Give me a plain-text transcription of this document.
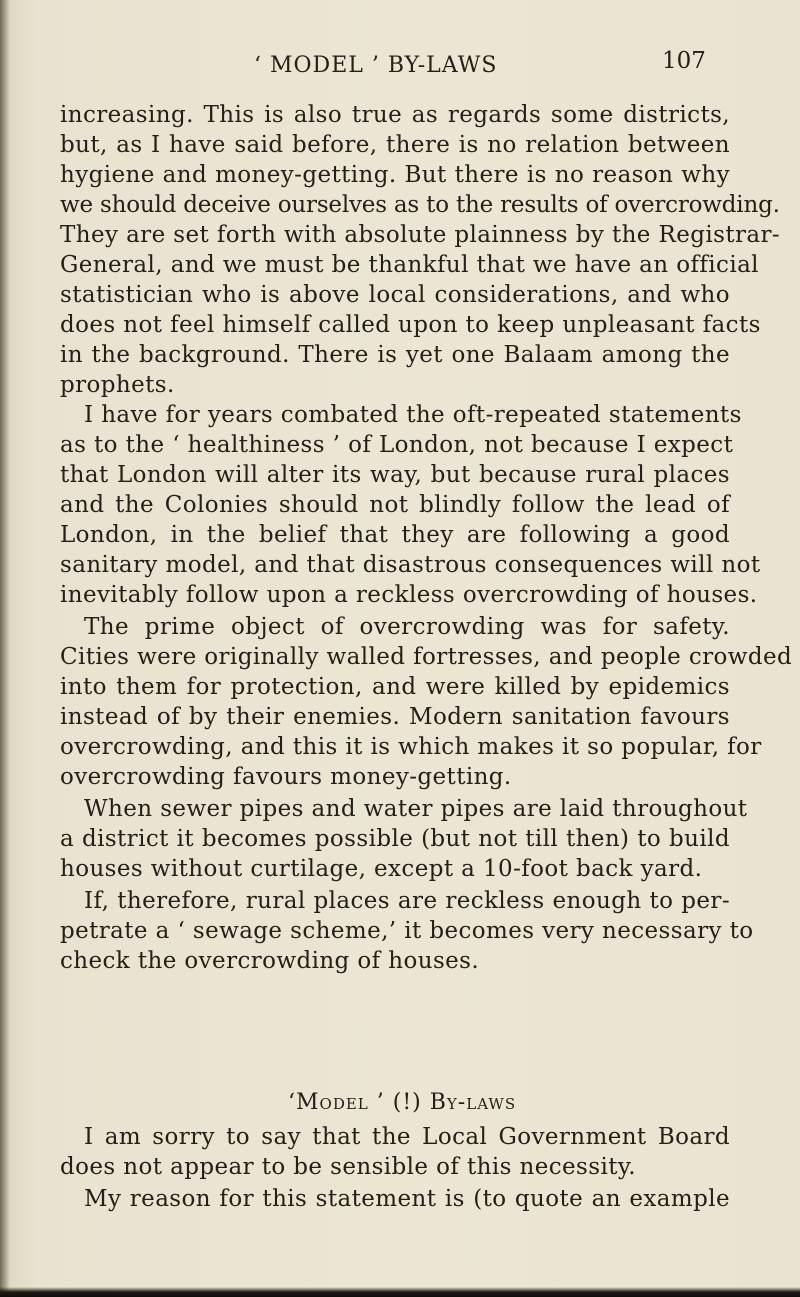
‘ MODEL ’ BY-LAWS	107
increasing. This is also true as regards some districts,
but, as I have said before, there is no relation between
hygiene and money-getting. But there is no reason why
we should deceive ourselves as to the results of overcrowding.
They are set forth with absolute plainness by the Registrar-
General, and we must be thankful that we have an official
statistician who is above local considerations, and who
does not feel himself called upon to keep unpleasant facts
in the background. There is yet one Balaam among the
prophets.
I have for years combated the oft-repeated statements
as to the ‘ healthiness ’ of London, not because I expect
that London will alter its way, but because rural places
and the Colonies should not blindly follow the lead of
London, in the belief that they are following a good
sanitary model, and that disastrous consequences will not
inevitably follow upon a reckless overcrowding of houses.
The prime object of overcrowding was for safety.
Cities were originally walled fortresses, and people crowded
into them for protection, and were killed by epidemics
instead of by their enemies. Modern sanitation favours
overcrowding, and this it is which makes it so popular, for
overcrowding favours money-getting.
When sewer pipes and water pipes are laid throughout
a district it becomes possible (but not till then) to build
houses without curtilage, except a 10-foot back yard.
If, therefore, rural places are reckless enough to per-
petrate a ‘ sewage scheme,’ it becomes very necessary to
check the overcrowding of houses.
‘Model ’ (!) By-laws
I am sorry to say that the Local Government Board
does not appear to be sensible of this necessity.
My reason for this statement is (to quote an example
